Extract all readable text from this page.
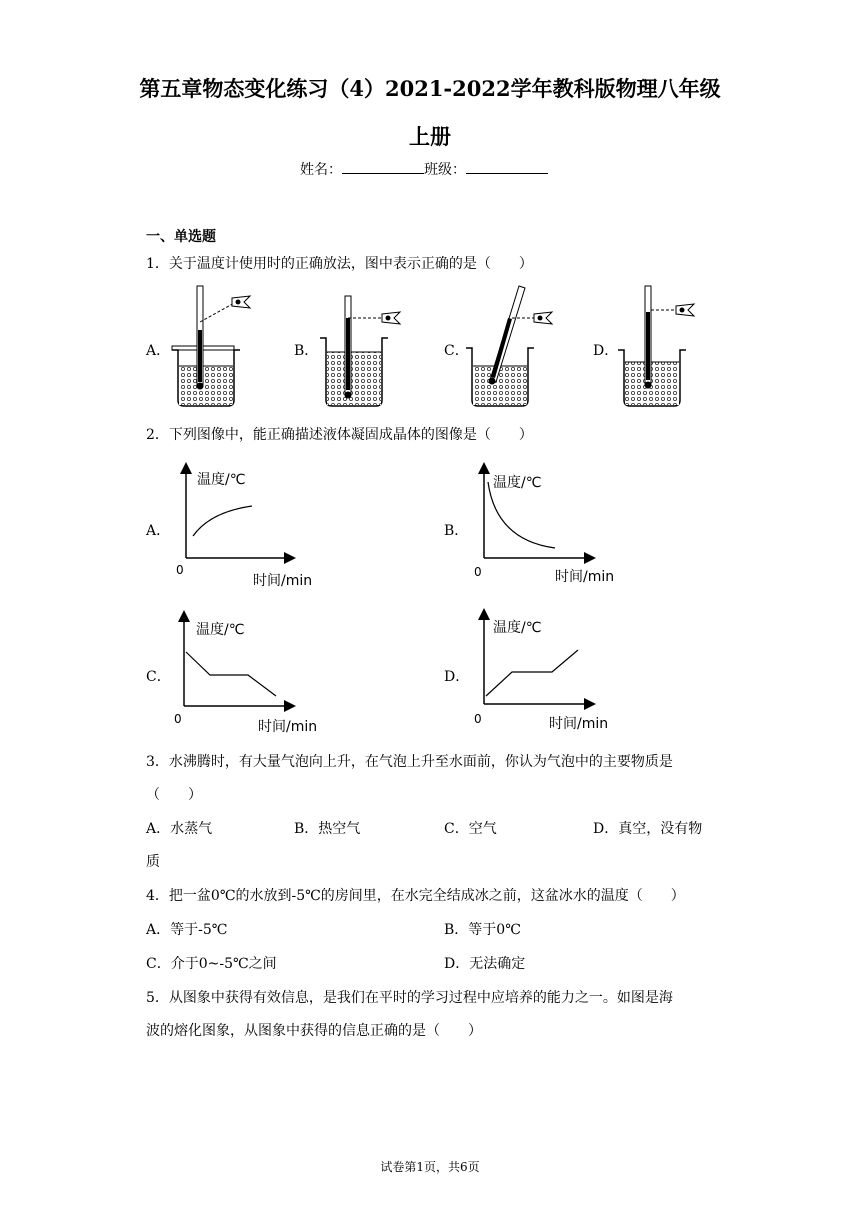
第五章物态变化练习（4）2021-2022学年教科版物理八年级
上册
姓名：	班级：
一、单选题
1．关于温度计使用时的正确放法，图中表示正确的是（　　）
A．	B．	C．	D．
2．下列图像中，能正确描述液体凝固成晶体的图像是（　　）
温度/℃
时间/min
0
温度/℃
时间/min
0
温度/℃
时间/min
0
温度/℃
时间/min
0
A．	B．
C．	D．
3．水沸腾时，有大量气泡向上升，在气泡上升至水面前，你认为气泡中的主要物质是
（　　）
A．水蒸气	B．热空气	C．空气	D．真空，没有物
质
4．把一盆0℃的水放到-5℃的房间里，在水完全结成冰之前，这盆冰水的温度（　　）
A．等于-5℃	B．等于0℃
C．介于0~-5℃之间	D．无法确定
5．从图象中获得有效信息，是我们在平时的学习过程中应培养的能力之一。如图是海
波的熔化图象，从图象中获得的信息正确的是（　　）
试卷第1页，共6页
